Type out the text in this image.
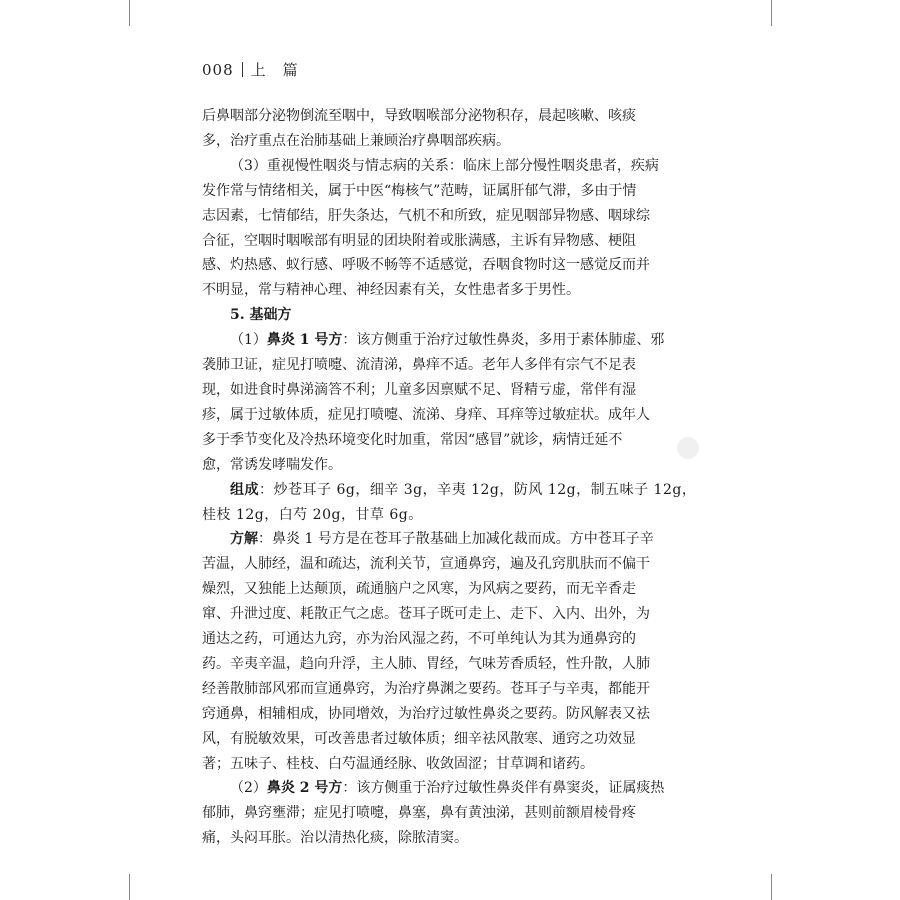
008 上　篇

后鼻咽部分泌物倒流至咽中，导致咽喉部分泌物积存，晨起咳嗽、咳痰
多，治疗重点在治肺基础上兼顾治疗鼻咽部疾病。

（3）重视慢性咽炎与情志病的关系：临床上部分慢性咽炎患者，疾病
发作常与情绪相关，属于中医“梅核气”范畴，证属肝郁气滞，多由于情
志因素，七情郁结，肝失条达，气机不和所致，症见咽部异物感、咽球综
合征，空咽时咽喉部有明显的团块附着或胀满感，主诉有异物感、梗阻
感、灼热感、蚁行感、呼吸不畅等不适感觉，吞咽食物时这一感觉反而并
不明显，常与精神心理、神经因素有关，女性患者多于男性。

5. 基础方

（1）鼻炎 1 号方：该方侧重于治疗过敏性鼻炎，多用于素体肺虚、邪
袭肺卫证，症见打喷嚏、流清涕，鼻痒不适。老年人多伴有宗气不足表
现，如进食时鼻涕滴答不利；儿童多因禀赋不足、肾精亏虚，常伴有湿
疹，属于过敏体质，症见打喷嚏、流涕、身痒、耳痒等过敏症状。成年人
多于季节变化及冷热环境变化时加重，常因“感冒”就诊，病情迁延不
愈，常诱发哮喘发作。

组成：炒苍耳子 6g，细辛 3g，辛夷 12g，防风 12g，制五味子 12g，
桂枝 12g，白芍 20g，甘草 6g。

方解：鼻炎 1 号方是在苍耳子散基础上加减化裁而成。方中苍耳子辛
苦温，人肺经，温和疏达，流利关节，宣通鼻窍，遍及孔窍肌肤而不偏干
燥烈，又独能上达颠顶，疏通脑户之风寒，为风病之要药，而无辛香走
窜、升泄过度、耗散正气之虑。苍耳子既可走上、走下、入内、出外，为
通达之药，可通达九窍，亦为治风湿之药，不可单纯认为其为通鼻窍的
药。辛夷辛温，趋向升浮，主人肺、胃经，气味芳香质轻，性升散，人肺
经善散肺部风邪而宣通鼻窍，为治疗鼻渊之要药。苍耳子与辛夷，都能开
窍通鼻，相辅相成，协同增效，为治疗过敏性鼻炎之要药。防风解表又祛
风，有脱敏效果，可改善患者过敏体质；细辛祛风散寒、通窍之功效显
著；五味子、桂枝、白芍温通经脉、收敛固涩；甘草调和诸药。

（2）鼻炎 2 号方：该方侧重于治疗过敏性鼻炎伴有鼻窦炎，证属痰热
郁肺，鼻窍壅滞；症见打喷嚏，鼻塞，鼻有黄浊涕，甚则前额眉棱骨疼
痛，头闷耳胀。治以清热化痰，除脓清窦。
